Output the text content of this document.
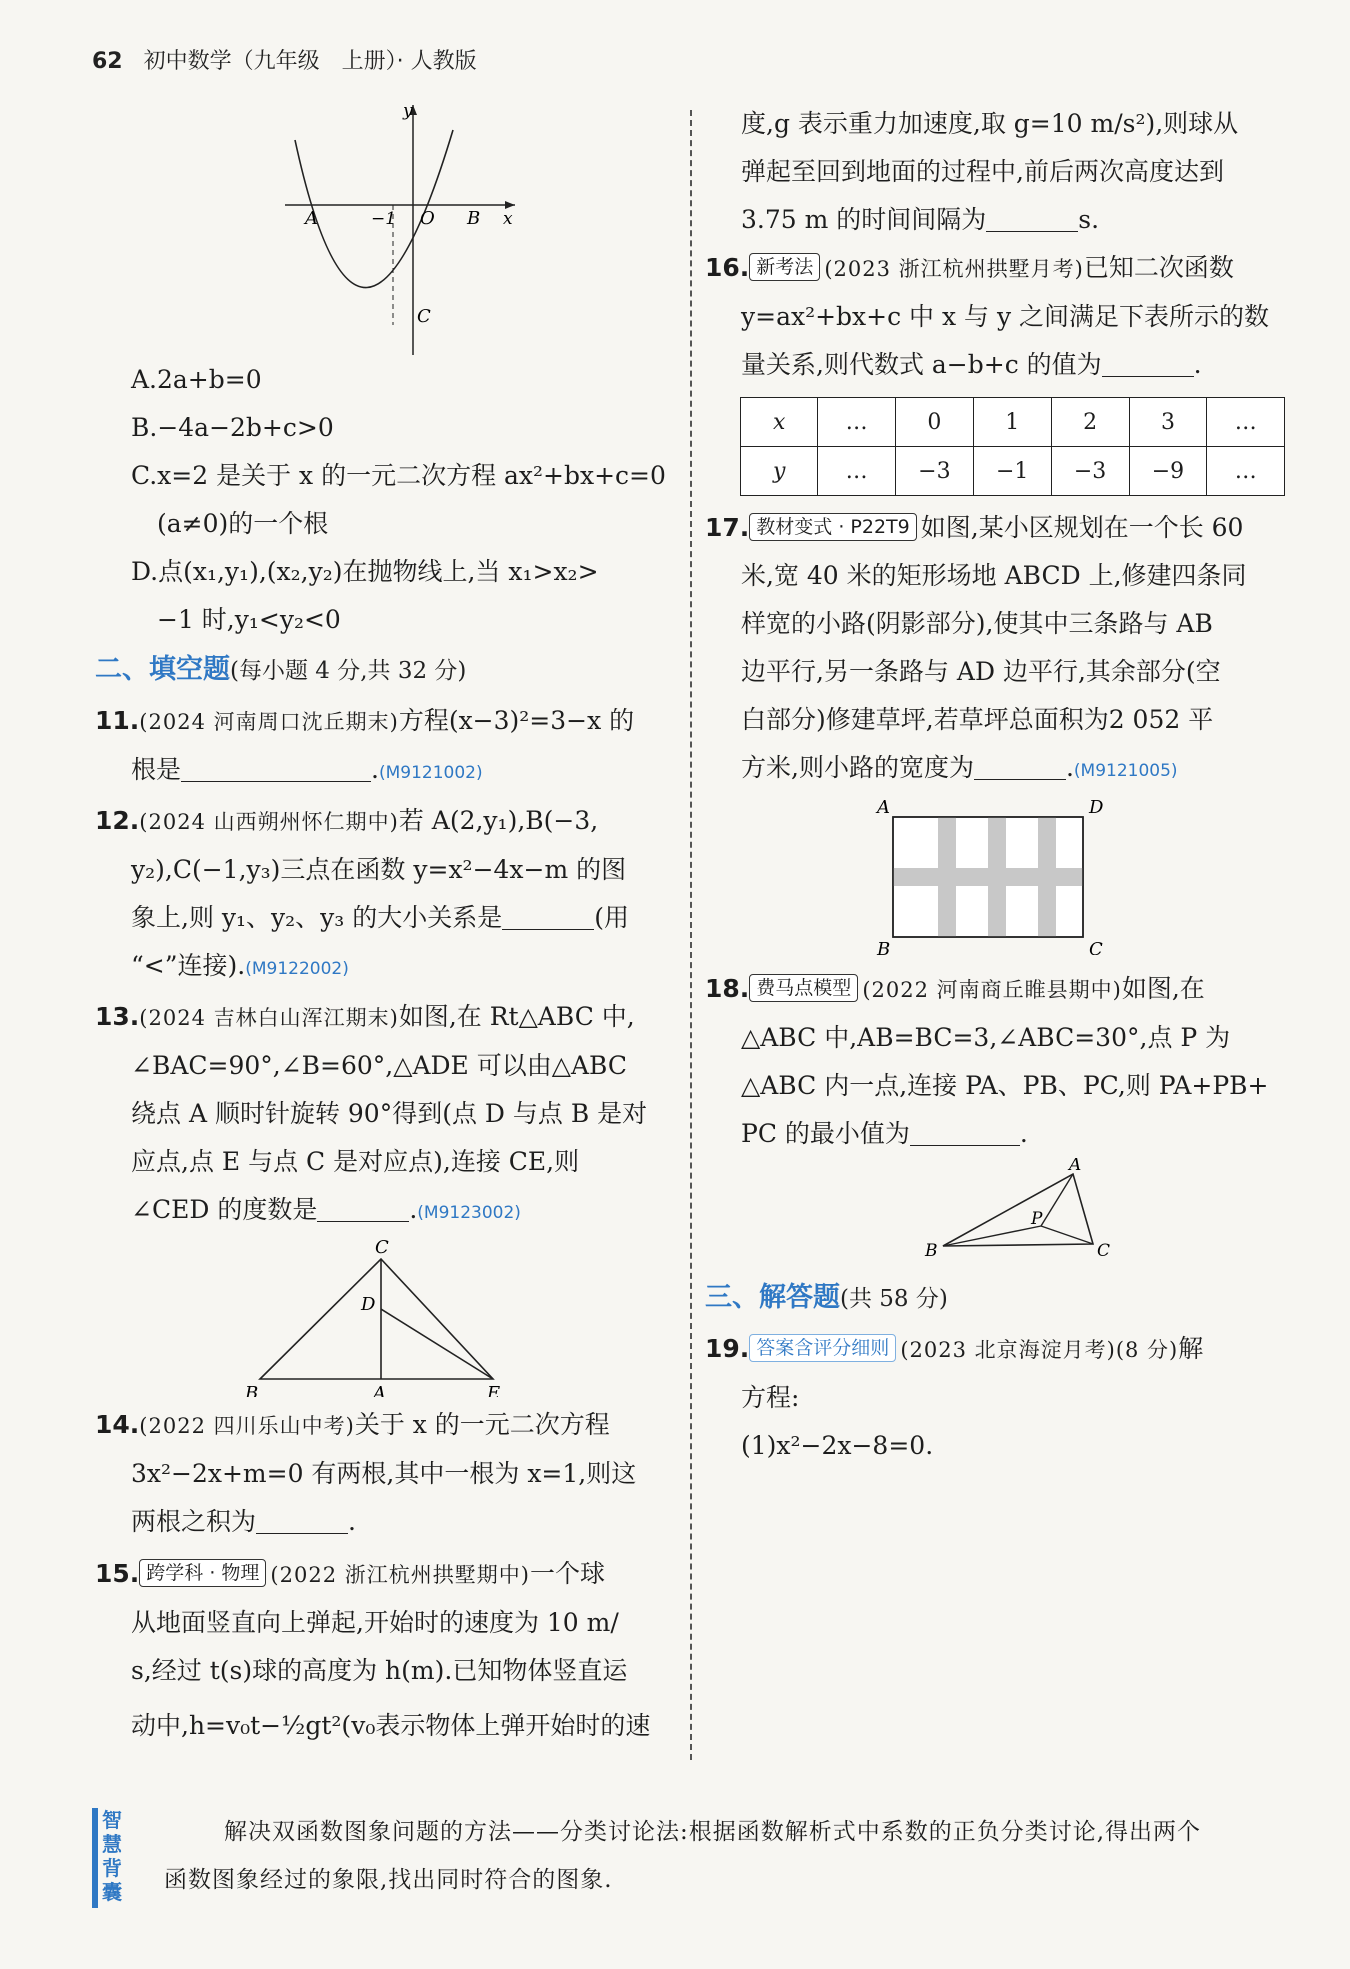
62 初中数学（九年级　上册）· 人教版
y
x
A	−1 O B
C
A.2a+b=0
B.−4a−2b+c>0
C.x=2 是关于 x 的一元二次方程 ax²+bx+c=0
(a≠0)的一个根
D.点(x₁,y₁),(x₂,y₂)在抛物线上,当 x₁>x₂>
−1 时,y₁<y₂<0
二、填空题(每小题 4 分,共 32 分)
11.(2024 河南周口沈丘期末)方程(x−3)²=3−x 的
根是	.(M9121002)
12.(2024 山西朔州怀仁期中)若 A(2,y₁),B(−3,
y₂),C(−1,y₃)三点在函数 y=x²−4x−m 的图
象上,则 y₁、y₂、y₃ 的大小关系是	(用
“<”连接).(M9122002)
13.(2024 吉林白山浑江期末)如图,在 Rt△ABC 中,
∠BAC=90°,∠B=60°,△ADE 可以由△ABC
绕点 A 顺时针旋转 90°得到(点 D 与点 B 是对
应点,点 E 与点 C 是对应点),连接 CE,则
∠CED 的度数是	.(M9123002)
C
D
B	A	E
14.(2022 四川乐山中考)关于 x 的一元二次方程
3x²−2x+m=0 有两根,其中一根为 x=1,则这
两根之积为	.
15. 跨学科 · 物理 (2022 浙江杭州拱墅期中)一个球
从地面竖直向上弹起,开始时的速度为 10 m/
s,经过 t(s)球的高度为 h(m).已知物体竖直运
动中,h=v₀t−½gt²(v₀表示物体上弹开始时的速
度,g 表示重力加速度,取 g=10 m/s²),则球从
弹起至回到地面的过程中,前后两次高度达到
3.75 m 的时间间隔为	s.
16. 新考法 (2023 浙江杭州拱墅月考)已知二次函数
y=ax²+bx+c 中 x 与 y 之间满足下表所示的数
量关系,则代数式 a−b+c 的值为	.
x	…	0	1	2	3	…
y	…	−3	−1	−3	−9	…
17. 教材变式 · P22T9 如图,某小区规划在一个长 60
米,宽 40 米的矩形场地 ABCD 上,修建四条同
样宽的小路(阴影部分),使其中三条路与 AB
边平行,另一条路与 AD 边平行,其余部分(空
白部分)修建草坪,若草坪总面积为2 052 平
方米,则小路的宽度为	.(M9121005)
A	D
B	C
18. 费马点模型 (2022 河南商丘睢县期中)如图,在
△ABC 中,AB=BC=3,∠ABC=30°,点 P 为
△ABC 内一点,连接 PA、PB、PC,则 PA+PB+
PC 的最小值为	.
A
B
P
C
三、解答题(共 58 分)
19. 答案含评分细则 (2023 北京海淀月考)(8 分)解
方程:
(1)x²−2x−8=0.
智慧背囊
解决双函数图象问题的方法——分类讨论法:根据函数解析式中系数的正负分类讨论,得出两个
函数图象经过的象限,找出同时符合的图象.
